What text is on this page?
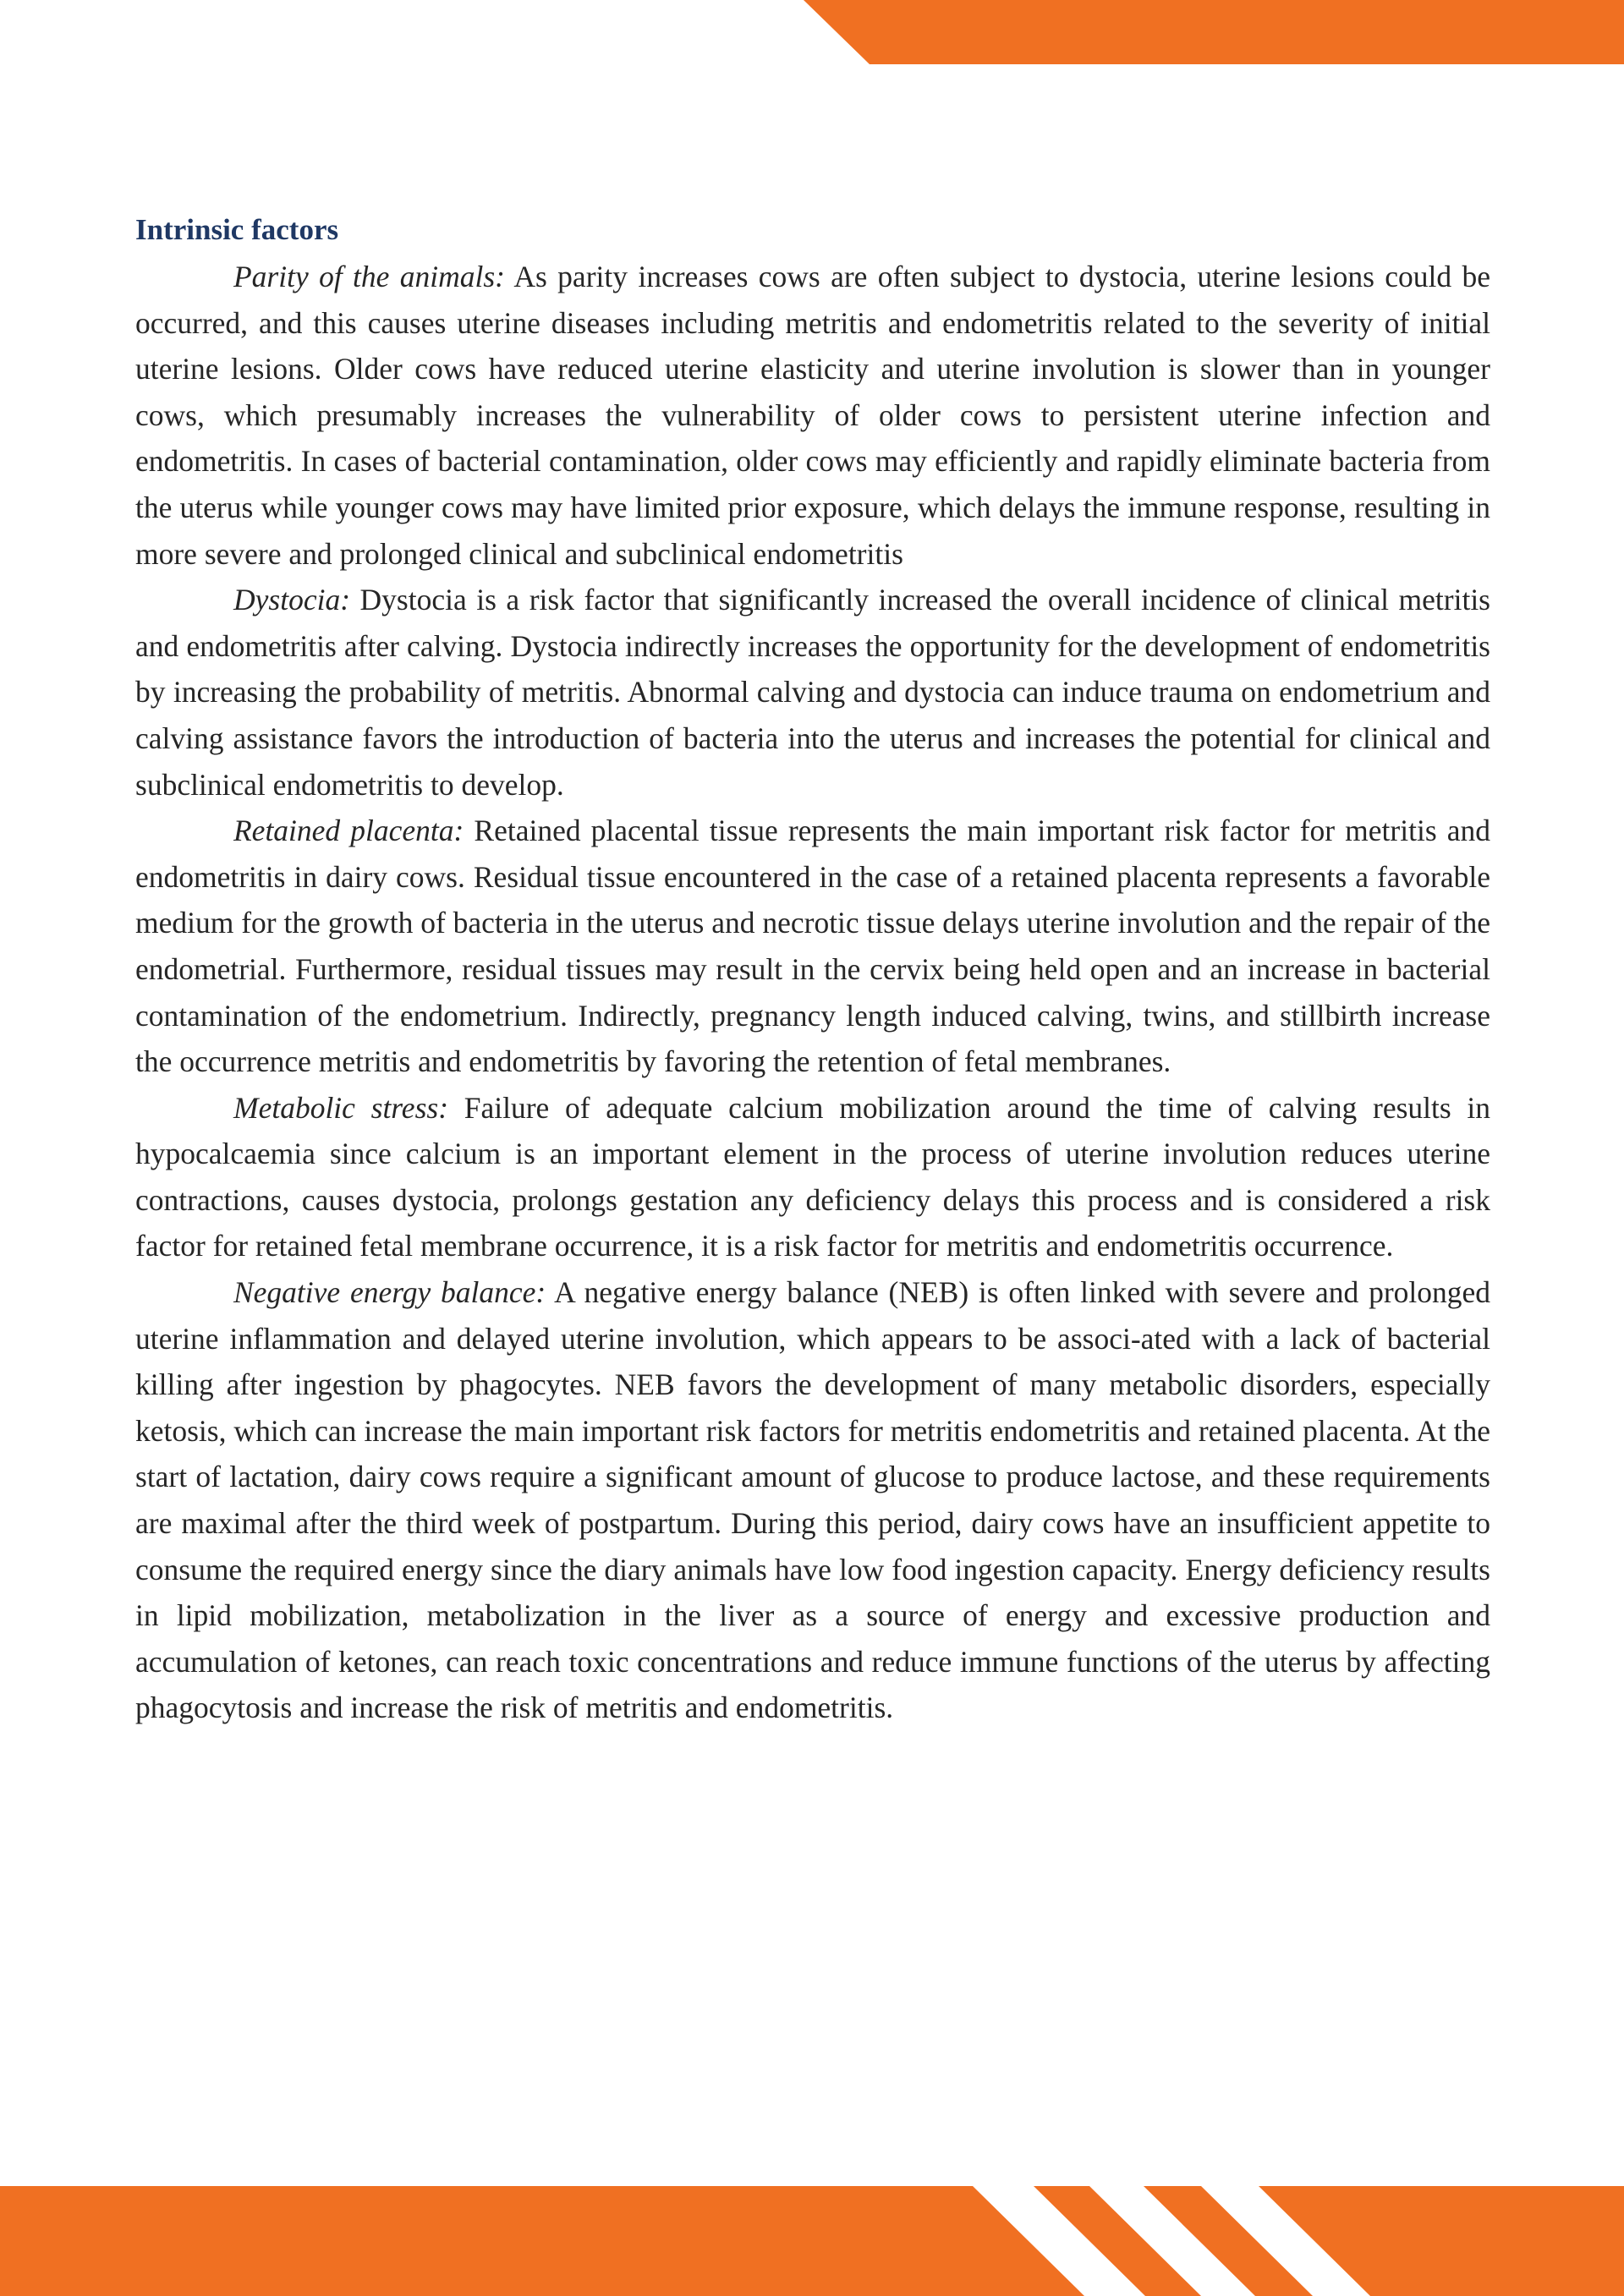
Intrinsic factors

Parity of the animals: As parity increases cows are often subject to dystocia, uterine lesions could be occurred, and this causes uterine diseases including metritis and endometritis related to the severity of initial uterine lesions. Older cows have reduced uterine elasticity and uterine involution is slower than in younger cows, which presumably increases the vulnerability of older cows to persistent uterine infection and endometritis. In cases of bacterial contamination, older cows may efficiently and rapidly eliminate bacteria from the uterus while younger cows may have limited prior exposure, which delays the immune response, resulting in more severe and prolonged clinical and subclinical endometritis

Dystocia: Dystocia is a risk factor that significantly increased the overall incidence of clinical metritis and endometritis after calving. Dystocia indirectly increases the opportunity for the development of endometritis by increasing the probability of metritis. Abnormal calving and dystocia can induce trauma on endometrium and calving assistance favors the introduction of bacteria into the uterus and increases the potential for clinical and subclinical endometritis to develop.

Retained placenta: Retained placental tissue represents the main important risk factor for metritis and endometritis in dairy cows. Residual tissue encountered in the case of a retained placenta represents a favorable medium for the growth of bacteria in the uterus and necrotic tissue delays uterine involution and the repair of the endometrial. Furthermore, residual tissues may result in the cervix being held open and an increase in bacterial contamination of the endometrium. Indirectly, pregnancy length induced calving, twins, and stillbirth increase the occurrence metritis and endometritis by favoring the retention of fetal membranes.

Metabolic stress: Failure of adequate calcium mobilization around the time of calving results in hypocalcaemia since calcium is an important element in the process of uterine involution reduces uterine contractions, causes dystocia, prolongs gestation any deficiency delays this process and is considered a risk factor for retained fetal membrane occurrence, it is a risk factor for metritis and endometritis occurrence.

Negative energy balance: A negative energy balance (NEB) is often linked with severe and prolonged uterine inflammation and delayed uterine involution, which appears to be associ-ated with a lack of bacterial killing after ingestion by phagocytes. NEB favors the development of many metabolic disorders, especially ketosis, which can increase the main important risk factors for metritis endometritis and retained placenta. At the start of lactation, dairy cows require a significant amount of glucose to produce lactose, and these requirements are maximal after the third week of postpartum. During this period, dairy cows have an insufficient appetite to consume the required energy since the diary animals have low food ingestion capacity. Energy deficiency results in lipid mobilization, metabolization in the liver as a source of energy and excessive production and accumulation of ketones, can reach toxic concentrations and reduce immune functions of the uterus by affecting phagocytosis and increase the risk of metritis and endometritis.
